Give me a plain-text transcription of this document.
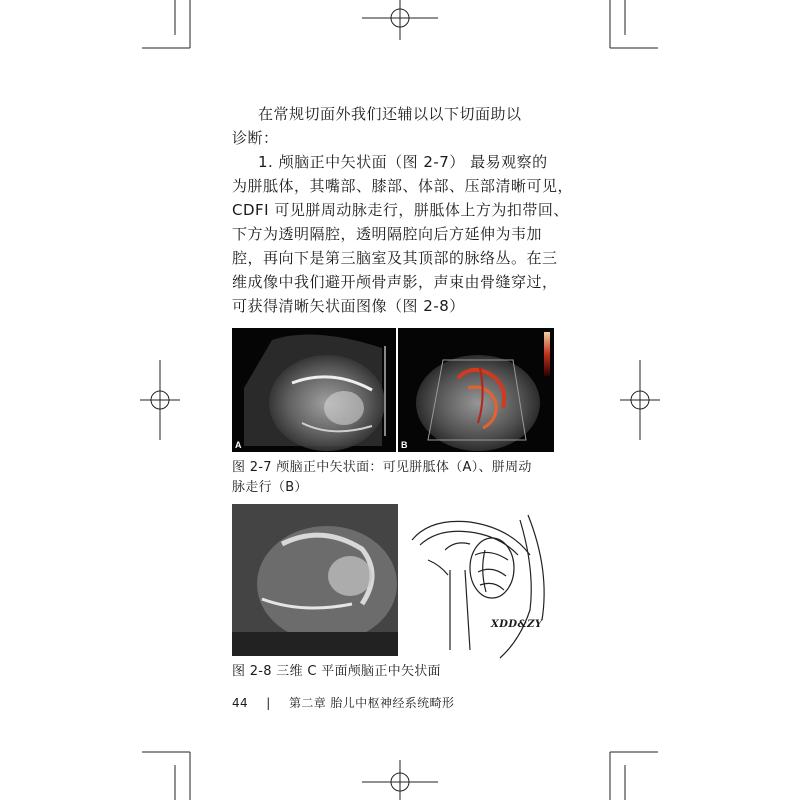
在常规切面外我们还辅以以下切面助以

诊断：

1. 颅脑正中矢状面（图 2-7） 最易观察的

为胼胝体，其嘴部、膝部、体部、压部清晰可见，

CDFI 可见胼周动脉走行，胼胝体上方为扣带回、

下方为透明隔腔，透明隔腔向后方延伸为韦加

腔，再向下是第三脑室及其顶部的脉络丛。在三

维成像中我们避开颅骨声影，声束由骨缝穿过，

可获得清晰矢状面图像（图 2-8）

A	B
图 2-7 颅脑正中矢状面：可见胼胝体（A）、胼周动
脉走行（B）
XDD&ZY
图 2-8 三维 C 平面颅脑正中矢状面
44 | 第二章 胎儿中枢神经系统畸形
